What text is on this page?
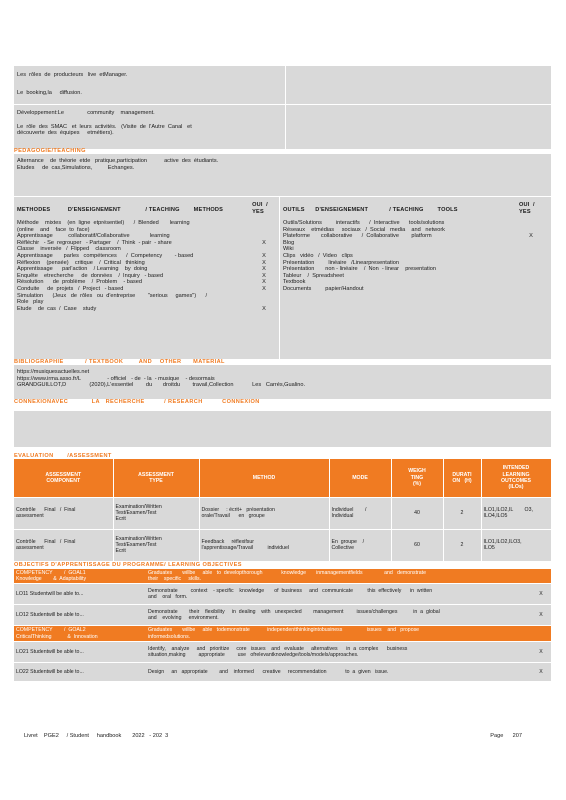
Les  rôles  de  producteurs   live  etManager.
Le  booking,la     diffusion.
Développement:Le               community    management.
Le  rôle  des  SMAC   et  leurs  activités.   (Visite  de  l'Autre  Canal   et
découverte  des  équipes     etmétiers).
PEDAGOGIE/TEACHING
Alternance    de  théorie  etde   pratique,participation           active  des  étudiants.
Etudes     de  cas,Simulations,          Echanges.
METHODES          D'ENSEIGNEMENT              / TEACHING        METHODS
OUI  /
YES
Méthode    mixtes    (en  ligne  etprésentiel)      /  Blended       learning
(online    and    face  to  face)
Apprentissage          collaboratif/Collaborative             learning
Réfléchir   - Se  regrouper   - Partager    /  Think  - pair  - share	X
Classe    inversée   /  Flipped    classroom
Apprentissage       parles   compétences      /  Competency        - based	X
Réflexion    (pensée)    critique    /  Critical   thinking	X
Apprentissage      parl'action    / Learning    by  doing	X
Enquête    etrecherche     de  données    /  Inquiry   - based	X
Résolution      de  problème    /  Problem    - based	X
Conduite     de  projets   /  Project   - based	X
Simulation      (Jeux   de  rôles   ou  d'entreprise        "serious     games")      /
Role   play
Etude    de  cas  /  Case    study	X
OUTILS      D'ENSEIGNEMENT            / TEACHING        TOOLS
OUI  /
YES
Outils/Solutions         interactifs      /  Interactive      tools/solutions
Réseaux    etmédias     sociaux   /  Social   media    and   network
Plateforme       collaborative      /  Collaborative        platform	X
Blog
Wiki
Clips   vidéo   /  Video   clips
Présentation         linéaire   /Linearpresentation
Présentation       non - linéaire    /  Non  - linear    presentation
Tableur    /  Spreadsheet
Textbook
Documents         papier/Handout
BIBLIOGRAPHIE           / TEXTBOOK        AND    OTHER      MATERIAL
https://musiquesactuelles.net
https://www.irma.asso.fr/L                 - officiel   - de  - la  - musique    - desormais
GRANDGUILLOT,D               (2020),L'essentiel        du       droitdu        travail,Collection            Les   Carrés,Gualino.
CONNEXIONAVEC            LA   RECHERCHE          / RESEARCH          CONNEXION
EVALUATION       /ASSESSMENT
ASSESSMENT
COMPONENT	ASSESSMENT
TYPE	METHOD	MODE	WEIGH
TING
(%)	DURATI
ON   (H)	INTENDED
LEARNING
OUTCOMES
(ILOs)
Contrôle      Final   /  Final
assessment	Examination/Written
Test/Examen/Test
Ecrit	Dossier     : écrit+   présentation
orale/Travail      en   groupe	Individuel        /
Individual	40	2	ILO1,ILO2,IL        O3,
ILO4,ILO5
Contrôle      Final   /  Final
assessment	Examination/Written
Test/Examen/Test
Ecrit	Feedback     réflexifsur
l'apprentissage/Travail          individuel	En  groupe    /
Collective	60	2	ILO1,ILO2,ILO3,
ILO5
OBJECTIFS D'APPRENTISSAGE DU PROGRAMME/ LEARNING OBJECTIVES
COMPETENCY        /  GOAL1
Knowledge        &  Adaptability	Graduates       willbe     able   to  developthorough             knowledge       inmanagementfields               and   demonstrate
their    specific     skills.	
LO11 Studentwill be able to...	Demonstrate         context    - specific    knowledge       of  business     and   communicate          this  effectively      in  written
and    oral   form.	X
LO12 Studentwill be able to...	Demonstrate        their    flexibility     in  dealing    with   unexpected        management         issues/challenges           in  a  global
and    evolving     environment.	X
COMPETENCY        /  GOAL2
CriticalThinking           &  Innovation	Graduates       willbe     able   todemonstrate            independentthinkingintobusiness                 issues    and   propose
informedsolutions.	
LO21 Studentwill be able to...	Identify,    analyze     and   prioritize     core   issues    and   evaluate     alternatives      in  a  complex      business
situation,making         appropriate         use   ofrelevantknowledge/tools/models/approaches.	X
LO22 Studentwill be able to...	Design     an   appropriate        and    informed      creative     recommendation             to  a  given   issue.	X
Livret    PGE2     / Student     handbook       2022   - 202  3	Page      207
